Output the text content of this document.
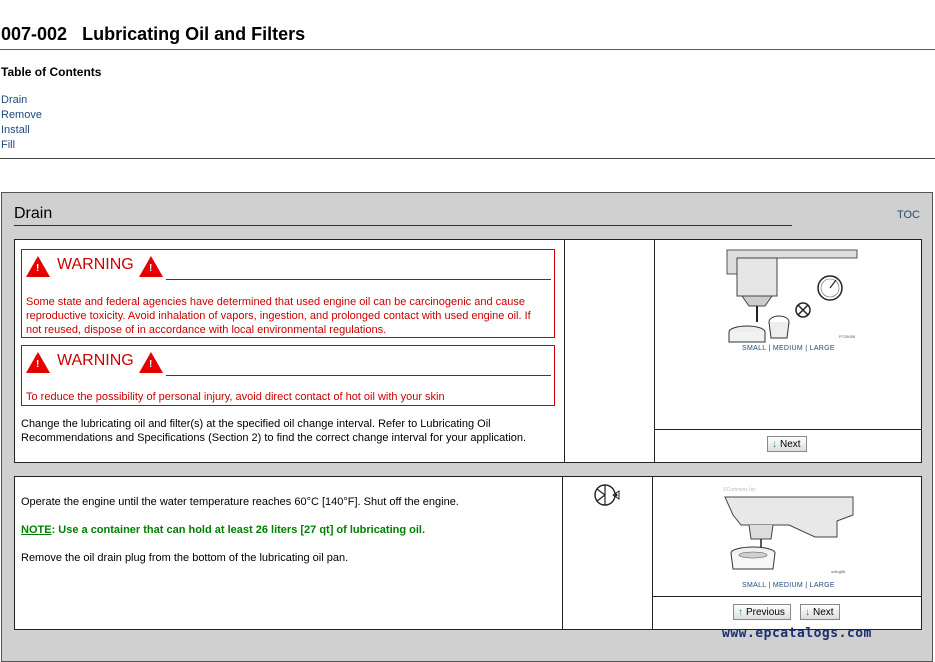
007-002 Lubricating Oil and Filters
Table of Contents
Drain
Remove
Install
Fill
Drain	TOC
! WARNING !
Some state and federal agencies have determined that used engine oil can be carcinogenic and cause reproductive toxicity. Avoid inhalation of vapors, ingestion, and prolonged contact with used engine oil. If not reused, dispose of in accordance with local environmental regulations.
! WARNING !
To reduce the possibility of personal injury, avoid direct contact of hot oil with your skin
Change the lubricating oil and filter(s) at the specified oil change interval. Refer to Lubricating Oil Recommendations and Specifications (Section 2) to find the correct change interval for your application.
P729006
SMALL | MEDIUM | LARGE
↓ Next
Operate the engine until the water temperature reaches 60°C [140°F]. Shut off the engine.
NOTE: Use a container that can hold at least 26 liters [27 qt] of lubricating oil.
Remove the oil drain plug from the bottom of the lubricating oil pan.
©Cummins Inc
oi4bg96
SMALL | MEDIUM | LARGE
↑ Previous ↓ Next
www.epcatalogs.com
